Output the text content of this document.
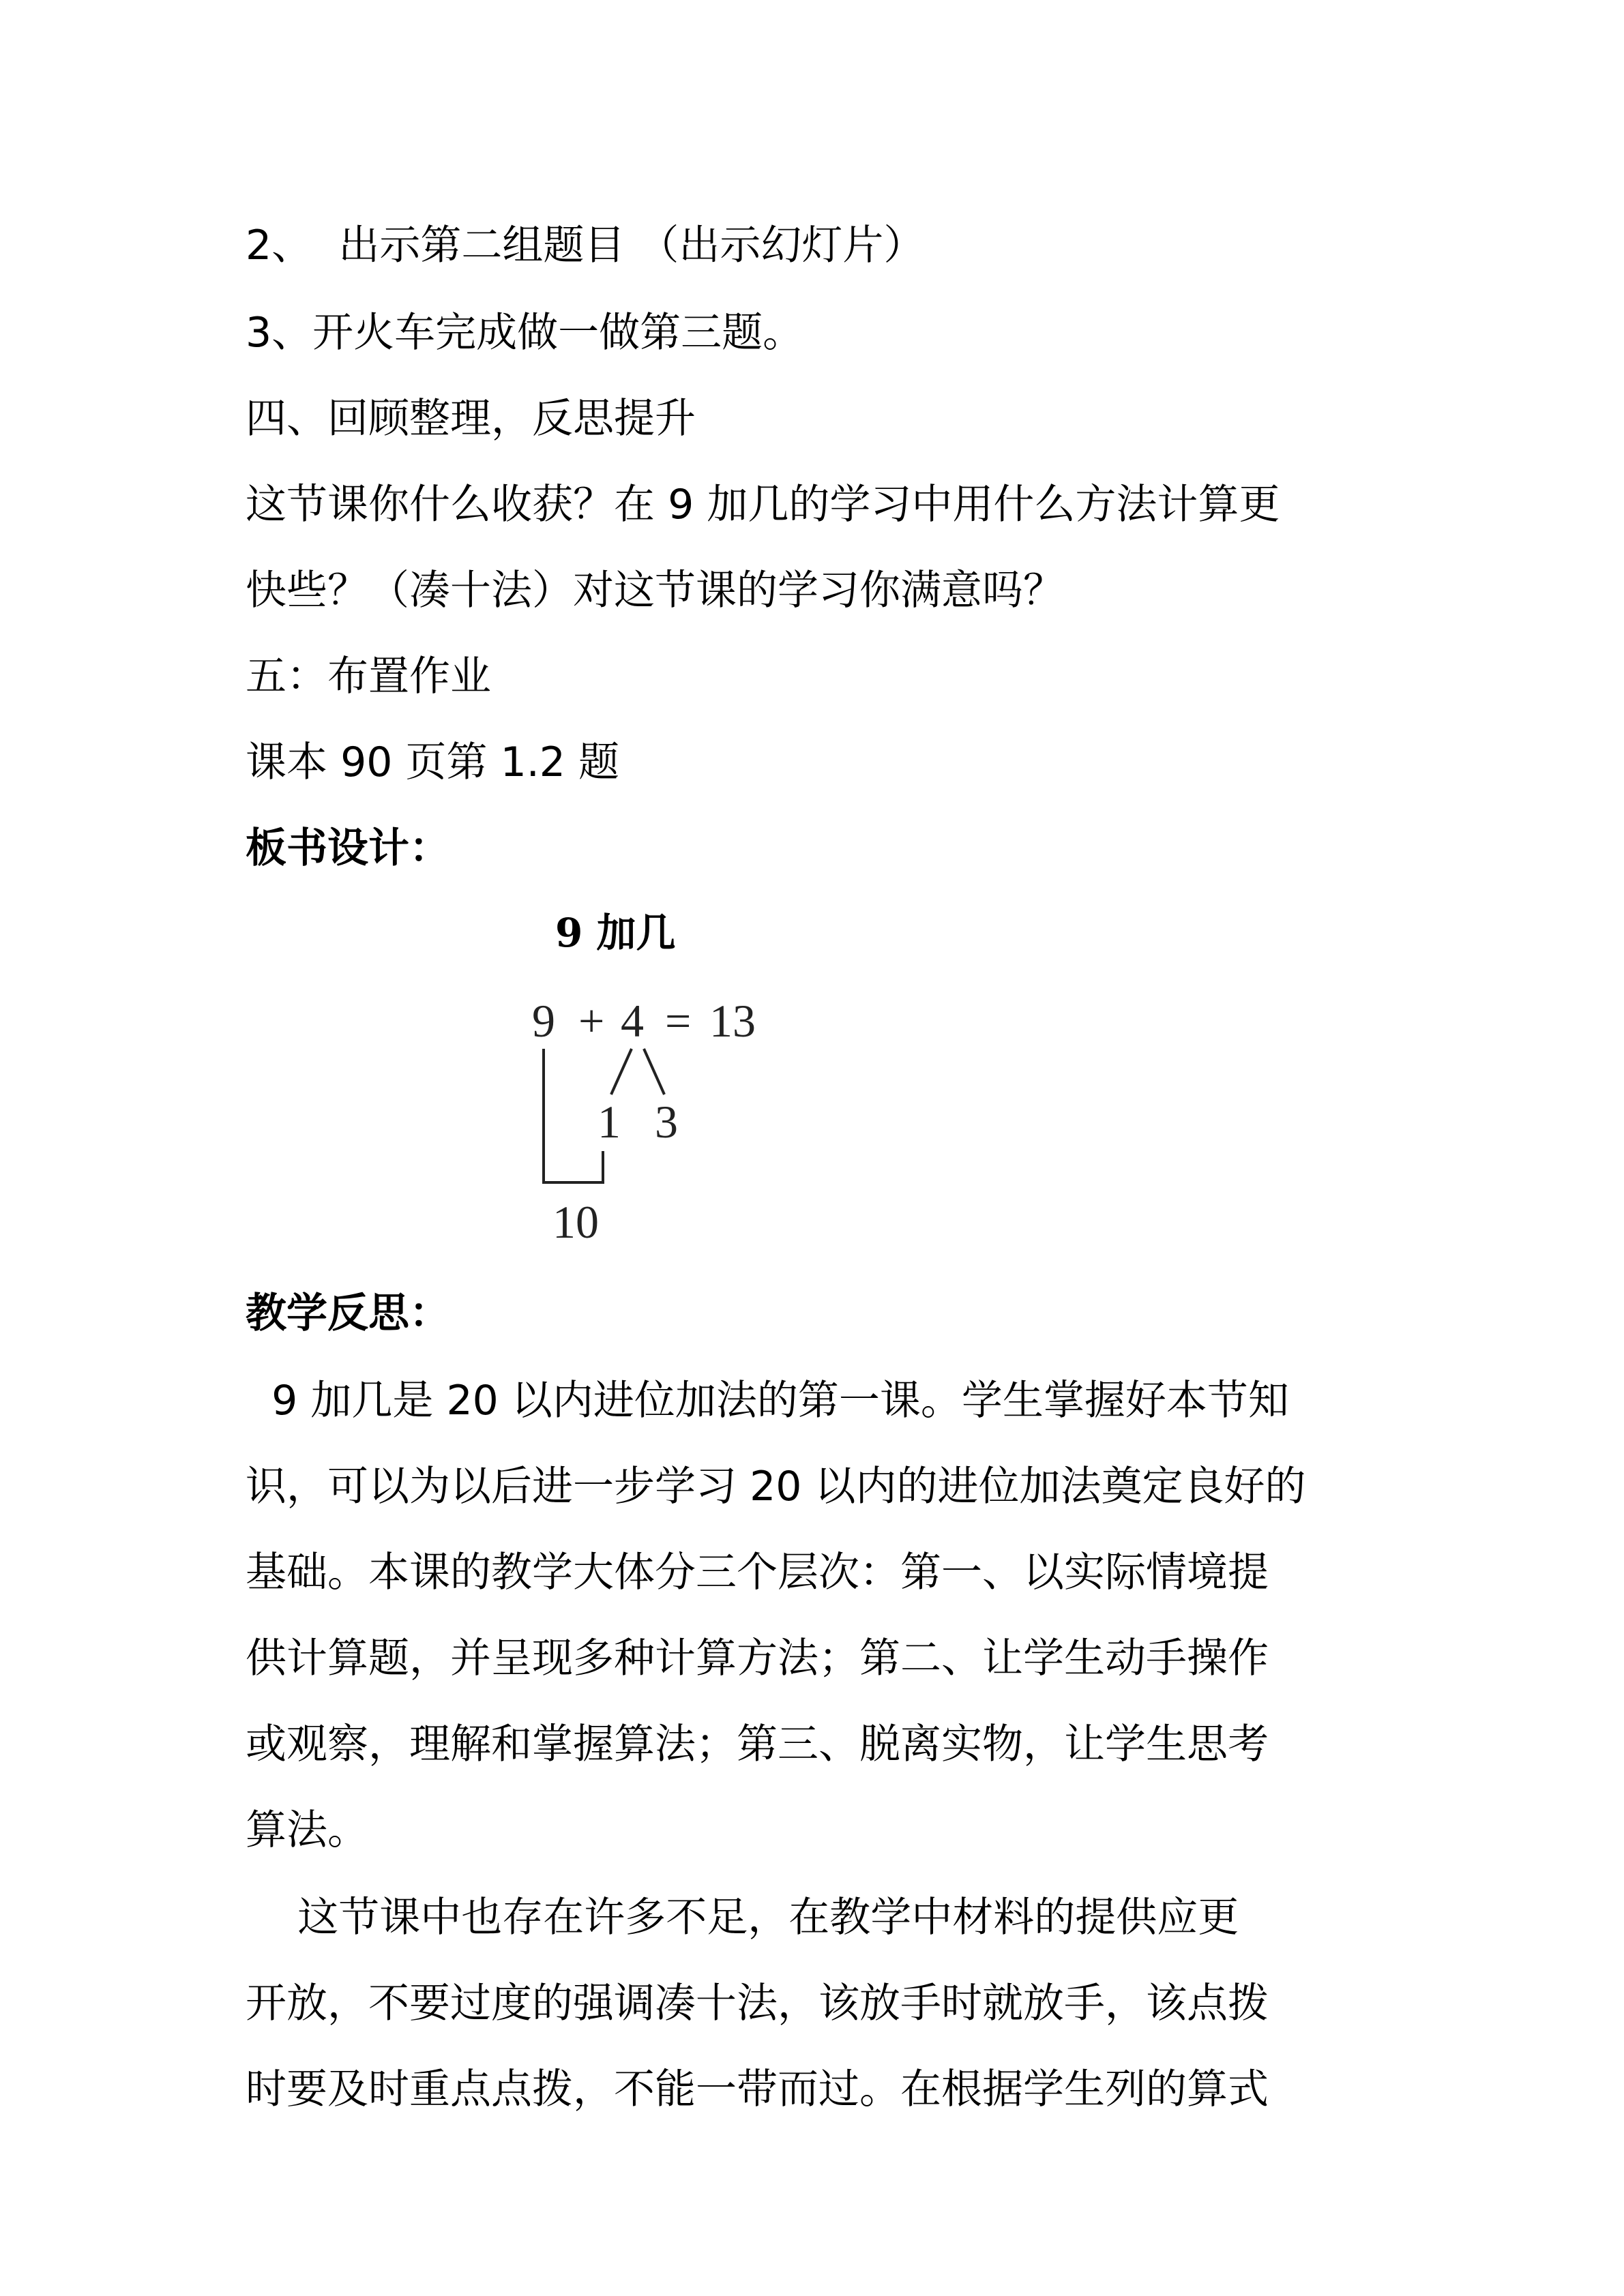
2、  出示第二组题目 （出示幻灯片）
3、开火车完成做一做第三题。
四、回顾整理，反思提升
这节课你什么收获？在 9 加几的学习中用什么方法计算更
快些？（凑十法）对这节课的学习你满意吗？
五：布置作业
课本 90 页第 1.2 题
板书设计：
9 加几
9 + 4 = 13
1 3
10
教学反思：
9 加几是 20 以内进位加法的第一课。学生掌握好本节知
识，可以为以后进一步学习 20 以内的进位加法奠定良好的
基础。本课的教学大体分三个层次：第一、以实际情境提
供计算题，并呈现多种计算方法；第二、让学生动手操作
或观察，理解和掌握算法；第三、脱离实物，让学生思考
算法。
这节课中也存在许多不足，在教学中材料的提供应更
开放，不要过度的强调凑十法，该放手时就放手，该点拨
时要及时重点点拨，不能一带而过。在根据学生列的算式
